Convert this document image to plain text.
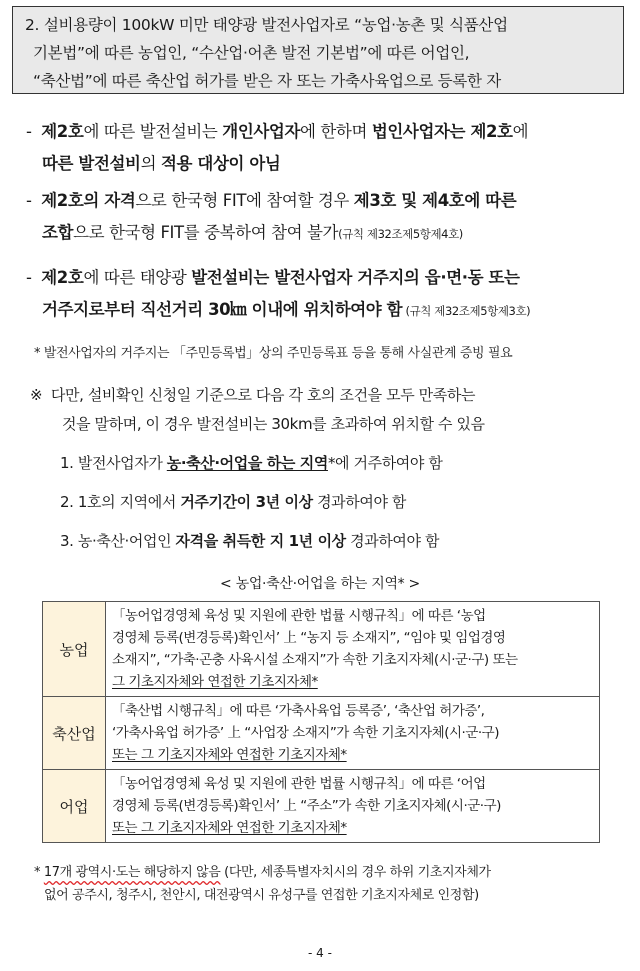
2. 설비용량이 100kW 미만 태양광 발전사업자로 “농업·농촌 및 식품산업
기본법”에 따른 농업인, “수산업·어촌 발전 기본법”에 따른 어업인,
“축산법”에 따른 축산업 허가를 받은 자 또는 가축사육업으로 등록한 자
- 제2호에 따른 발전설비는 개인사업자에 한하며 법인사업자는 제2호에
따른 발전설비의 적용 대상이 아님
- 제2호의 자격으로 한국형 FIT에 참여할 경우 제3호 및 제4호에 따른
조합으로 한국형 FIT를 중복하여 참여 불가(규칙 제32조제5항제4호)
- 제2호에 따른 태양광 발전설비는 발전사업자 거주지의 읍·면·동 또는
거주지로부터 직선거리 30㎞ 이내에 위치하여야 함 (규칙 제32조제5항제3호)
* 발전사업자의 거주지는 「주민등록법」상의 주민등록표 등을 통해 사실관계 증빙 필요
※ 다만, 설비확인 신청일 기준으로 다음 각 호의 조건을 모두 만족하는
것을 말하며, 이 경우 발전설비는 30km를 초과하여 위치할 수 있음
1. 발전사업자가 농·축산·어업을 하는 지역*에 거주하여야 함
2. 1호의 지역에서 거주기간이 3년 이상 경과하여야 함
3. 농·축산·어업인 자격을 취득한 지 1년 이상 경과하여야 함
< 농업·축산·어업을 하는 지역* >
농업	「농어업경영체 육성 및 지원에 관한 법률 시행규칙」에 따른 ‘농업
경영체 등록(변경등록)확인서’ 上 “농지 등 소재지”, “임야 및 임업경영
소재지”, “가축·곤충 사육시설 소재지”가 속한 기초지자체(시·군·구) 또는
그 기초지자체와 연접한 기초지자체*

축산업	「축산법 시행규칙」에 따른 ‘가축사육업 등록증’, ‘축산업 허가증’,
‘가축사육업 허가증’ 上 “사업장 소재지”가 속한 기초지자체(시·군·구)
또는 그 기초지자체와 연접한 기초지자체*

어업	「농어업경영체 육성 및 지원에 관한 법률 시행규칙」에 따른 ‘어업
경영체 등록(변경등록)확인서’ 上 “주소”가 속한 기초지자체(시·군·구)
또는 그 기초지자체와 연접한 기초지자체*
* 17개 광역시·도는 해당하지 않음 (다만, 세종특별자치시의 경우 하위 기초지자체가
없어 공주시, 청주시, 천안시, 대전광역시 유성구를 연접한 기초지자체로 인정함)
- 4 -
